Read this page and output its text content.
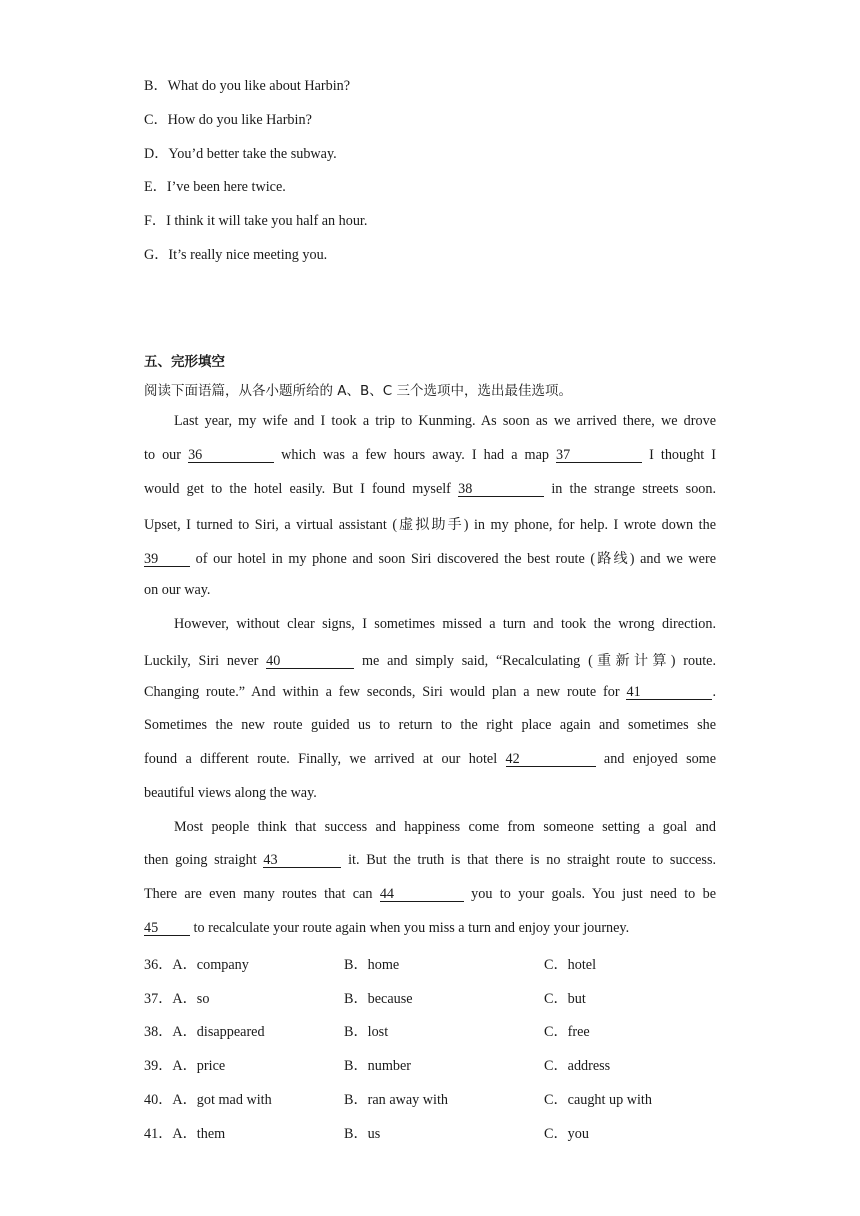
B．What do you like about Harbin?
C．How do you like Harbin?
D．You’d better take the subway.
E．I’ve been here twice.
F．I think it will take you half an hour.
G．It’s really nice meeting you.
五、完形填空
阅读下面语篇，从各小题所给的 A、B、C 三个选项中，选出最佳选项。
Last year, my wife and I took a trip to Kunming. As soon as we arrived there, we drove
to our 36	which was a few hours away. I had a map 37	I thought I
would get to the hotel easily. But I found myself 38	in the strange streets soon.
Upset, I turned to Siri, a virtual assistant (虚拟助手) in my phone, for help. I wrote down the
39	of our hotel in my phone and soon Siri discovered the best route (路线) and we were
on our way.
However, without clear signs, I sometimes missed a turn and took the wrong direction.
Luckily, Siri never 40	me and simply said, “Recalculating (重新计算) route.
Changing route.” And within a few seconds, Siri would plan a new route for 41	.
Sometimes the new route guided us to return to the right place again and sometimes she
found a different route. Finally, we arrived at our hotel 42	and enjoyed some
beautiful views along the way.
Most people think that success and happiness come from someone setting a goal and
then going straight 43	it. But the truth is that there is no straight route to success.
There are even many routes that can 44	you to your goals. You just need to be
45 to recalculate your route again when you miss a turn and enjoy your journey.
36．A．company	B．home	C．hotel
37．A．so	B．because	C．but
38．A．disappeared	B．lost	C．free
39．A．price	B．number	C．address
40．A．got mad with	B．ran away with	C．caught up with
41．A．them	B．us	C．you
